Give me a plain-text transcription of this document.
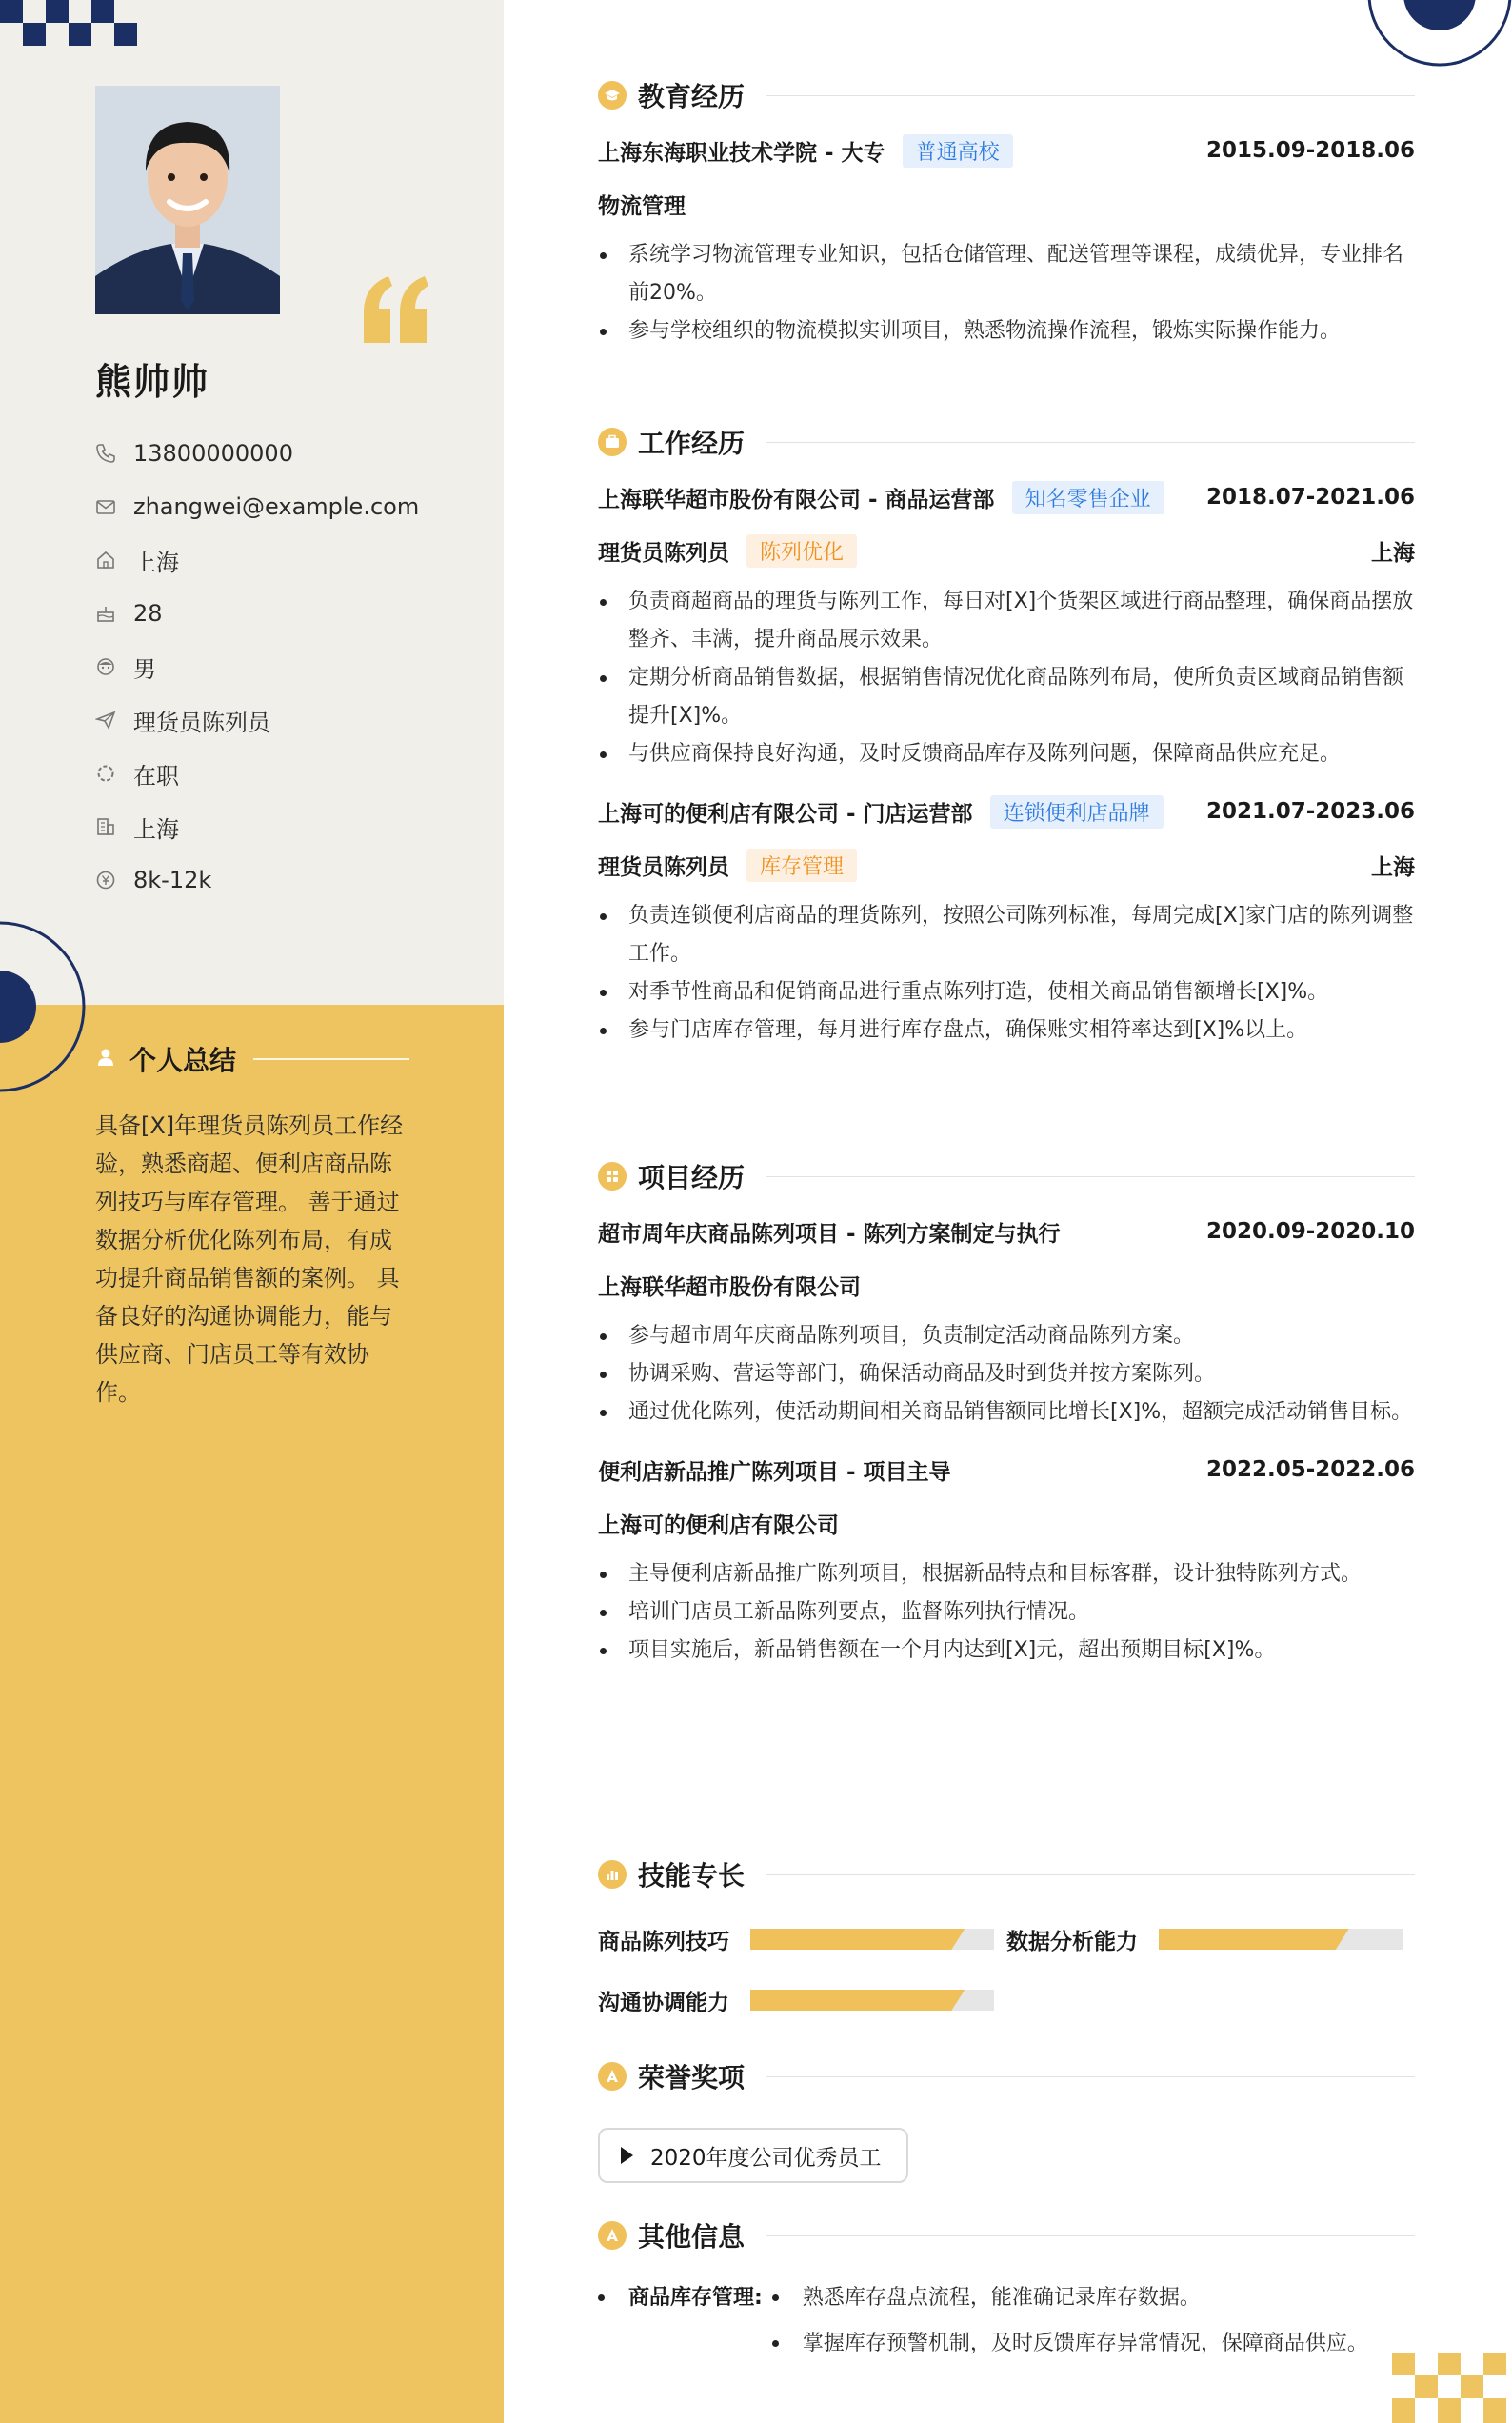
熊帅帅
13800000000
zhangwei@example.com
上海
28
男
理货员陈列员
在职
上海
8k-12k
个人总结
具备[X]年理货员陈列员工作经验，熟悉商超、便利店商品陈列技巧与库存管理。 善于通过数据分析优化陈列布局，有成功提升商品销售额的案例。 具备良好的沟通协调能力，能与供应商、门店员工等有效协作。
教育经历
上海东海职业技术学院 - 大专	普通高校	2015.09-2018.06
物流管理
系统学习物流管理专业知识，包括仓储管理、配送管理等课程，成绩优异，专业排名前20%。
参与学校组织的物流模拟实训项目，熟悉物流操作流程，锻炼实际操作能力。
工作经历
上海联华超市股份有限公司 - 商品运营部	知名零售企业	2018.07-2021.06
理货员陈列员	陈列优化	上海
负责商超商品的理货与陈列工作，每日对[X]个货架区域进行商品整理，确保商品摆放整齐、丰满，提升商品展示效果。
定期分析商品销售数据，根据销售情况优化商品陈列布局，使所负责区域商品销售额提升[X]%。
与供应商保持良好沟通，及时反馈商品库存及陈列问题，保障商品供应充足。
上海可的便利店有限公司 - 门店运营部	连锁便利店品牌	2021.07-2023.06
理货员陈列员	库存管理	上海
负责连锁便利店商品的理货陈列，按照公司陈列标准，每周完成[X]家门店的陈列调整工作。
对季节性商品和促销商品进行重点陈列打造，使相关商品销售额增长[X]%。
参与门店库存管理，每月进行库存盘点，确保账实相符率达到[X]%以上。
项目经历
超市周年庆商品陈列项目 - 陈列方案制定与执行	2020.09-2020.10
上海联华超市股份有限公司
参与超市周年庆商品陈列项目，负责制定活动商品陈列方案。
协调采购、营运等部门，确保活动商品及时到货并按方案陈列。
通过优化陈列，使活动期间相关商品销售额同比增长[X]%，超额完成活动销售目标。
便利店新品推广陈列项目 - 项目主导	2022.05-2022.06
上海可的便利店有限公司
主导便利店新品推广陈列项目，根据新品特点和目标客群，设计独特陈列方式。
培训门店员工新品陈列要点，监督陈列执行情况。
项目实施后，新品销售额在一个月内达到[X]元，超出预期目标[X]%。
技能专长
商品陈列技巧	数据分析能力
沟通协调能力
荣誉奖项
2020年度公司优秀员工
其他信息
商品库存管理: 熟悉库存盘点流程，能准确记录库存数据。
掌握库存预警机制，及时反馈库存异常情况，保障商品供应。
